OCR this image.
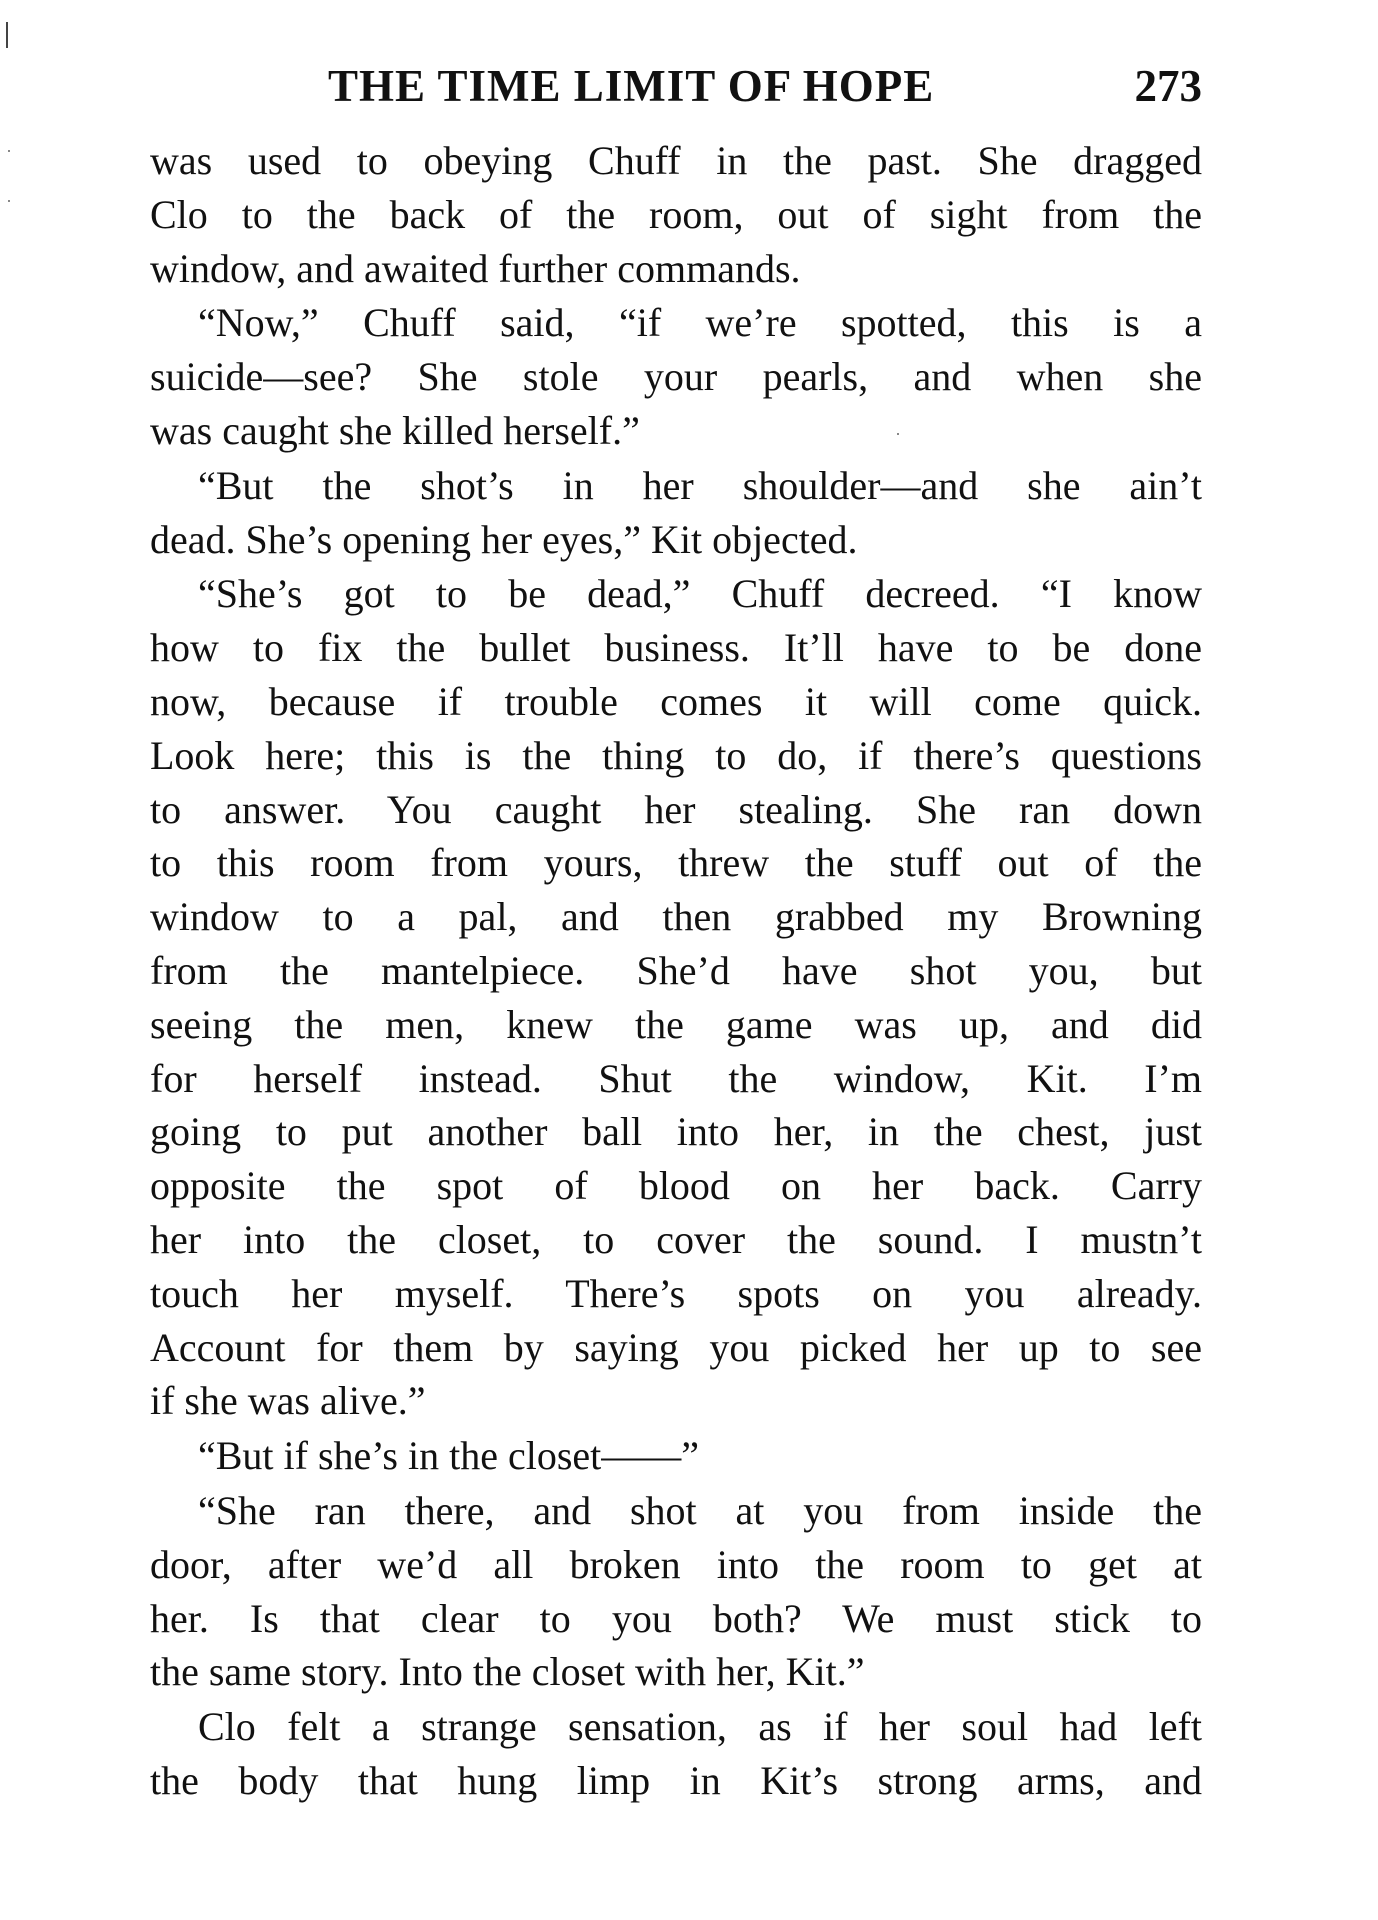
THE TIME LIMIT OF HOPE	273
was used to obeying Chuff in the past. She dragged
Clo to the back of the room, out of sight from the
window, and awaited further commands.
“Now,” Chuff said, “if we’re spotted, this is a
suicide—see? She stole your pearls, and when she
was caught she killed herself.”
“But the shot’s in her shoulder—and she ain’t
dead. She’s opening her eyes,” Kit objected.
“She’s got to be dead,” Chuff decreed. “I know
how to fix the bullet business. It’ll have to be done
now, because if trouble comes it will come quick.
Look here; this is the thing to do, if there’s questions
to answer. You caught her stealing. She ran down
to this room from yours, threw the stuff out of the
window to a pal, and then grabbed my Browning
from the mantelpiece. She’d have shot you, but
seeing the men, knew the game was up, and did
for herself instead. Shut the window, Kit. I’m
going to put another ball into her, in the chest, just
opposite the spot of blood on her back. Carry
her into the closet, to cover the sound. I mustn’t
touch her myself. There’s spots on you already.
Account for them by saying you picked her up to see
if she was alive.”
“But if she’s in the closet——”
“She ran there, and shot at you from inside the
door, after we’d all broken into the room to get at
her. Is that clear to you both? We must stick to
the same story. Into the closet with her, Kit.”
Clo felt a strange sensation, as if her soul had left
the body that hung limp in Kit’s strong arms, and
